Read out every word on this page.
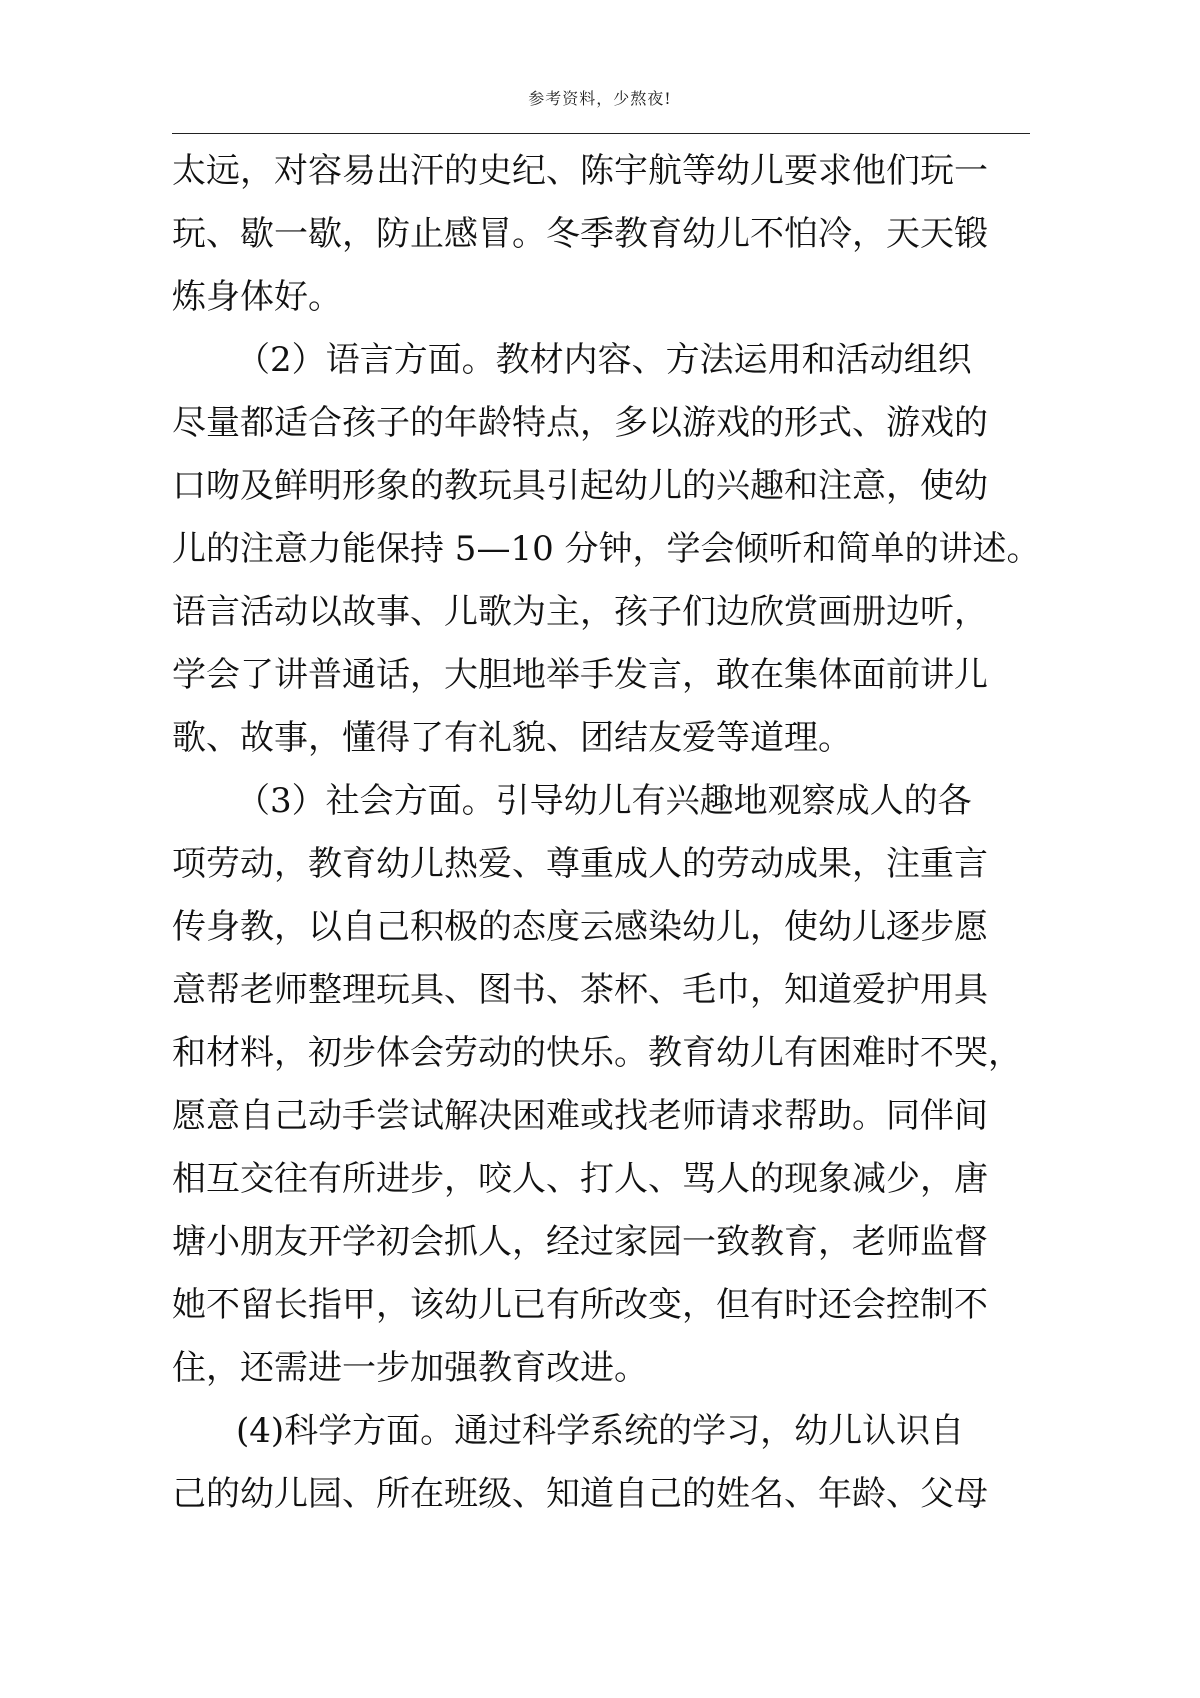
参考资料，少熬夜!
太远，对容易出汗的史纪、陈宇航等幼儿要求他们玩一
玩、歇一歇，防止感冒。冬季教育幼儿不怕冷，天天锻
炼身体好。
（2）语言方面。教材内容、方法运用和活动组织
尽量都适合孩子的年龄特点，多以游戏的形式、游戏的
口吻及鲜明形象的教玩具引起幼儿的兴趣和注意，使幼
儿的注意力能保持 5—10 分钟，学会倾听和简单的讲述。
语言活动以故事、儿歌为主，孩子们边欣赏画册边听，
学会了讲普通话，大胆地举手发言，敢在集体面前讲儿
歌、故事，懂得了有礼貌、团结友爱等道理。
（3）社会方面。引导幼儿有兴趣地观察成人的各
项劳动，教育幼儿热爱、尊重成人的劳动成果，注重言
传身教，以自己积极的态度云感染幼儿，使幼儿逐步愿
意帮老师整理玩具、图书、茶杯、毛巾，知道爱护用具
和材料，初步体会劳动的快乐。教育幼儿有困难时不哭，
愿意自己动手尝试解决困难或找老师请求帮助。同伴间
相互交往有所进步，咬人、打人、骂人的现象减少，唐
塘小朋友开学初会抓人，经过家园一致教育，老师监督
她不留长指甲，该幼儿已有所改变，但有时还会控制不
住，还需进一步加强教育改进。
(4)科学方面。通过科学系统的学习，幼儿认识自
己的幼儿园、所在班级、知道自己的姓名、年龄、父母
